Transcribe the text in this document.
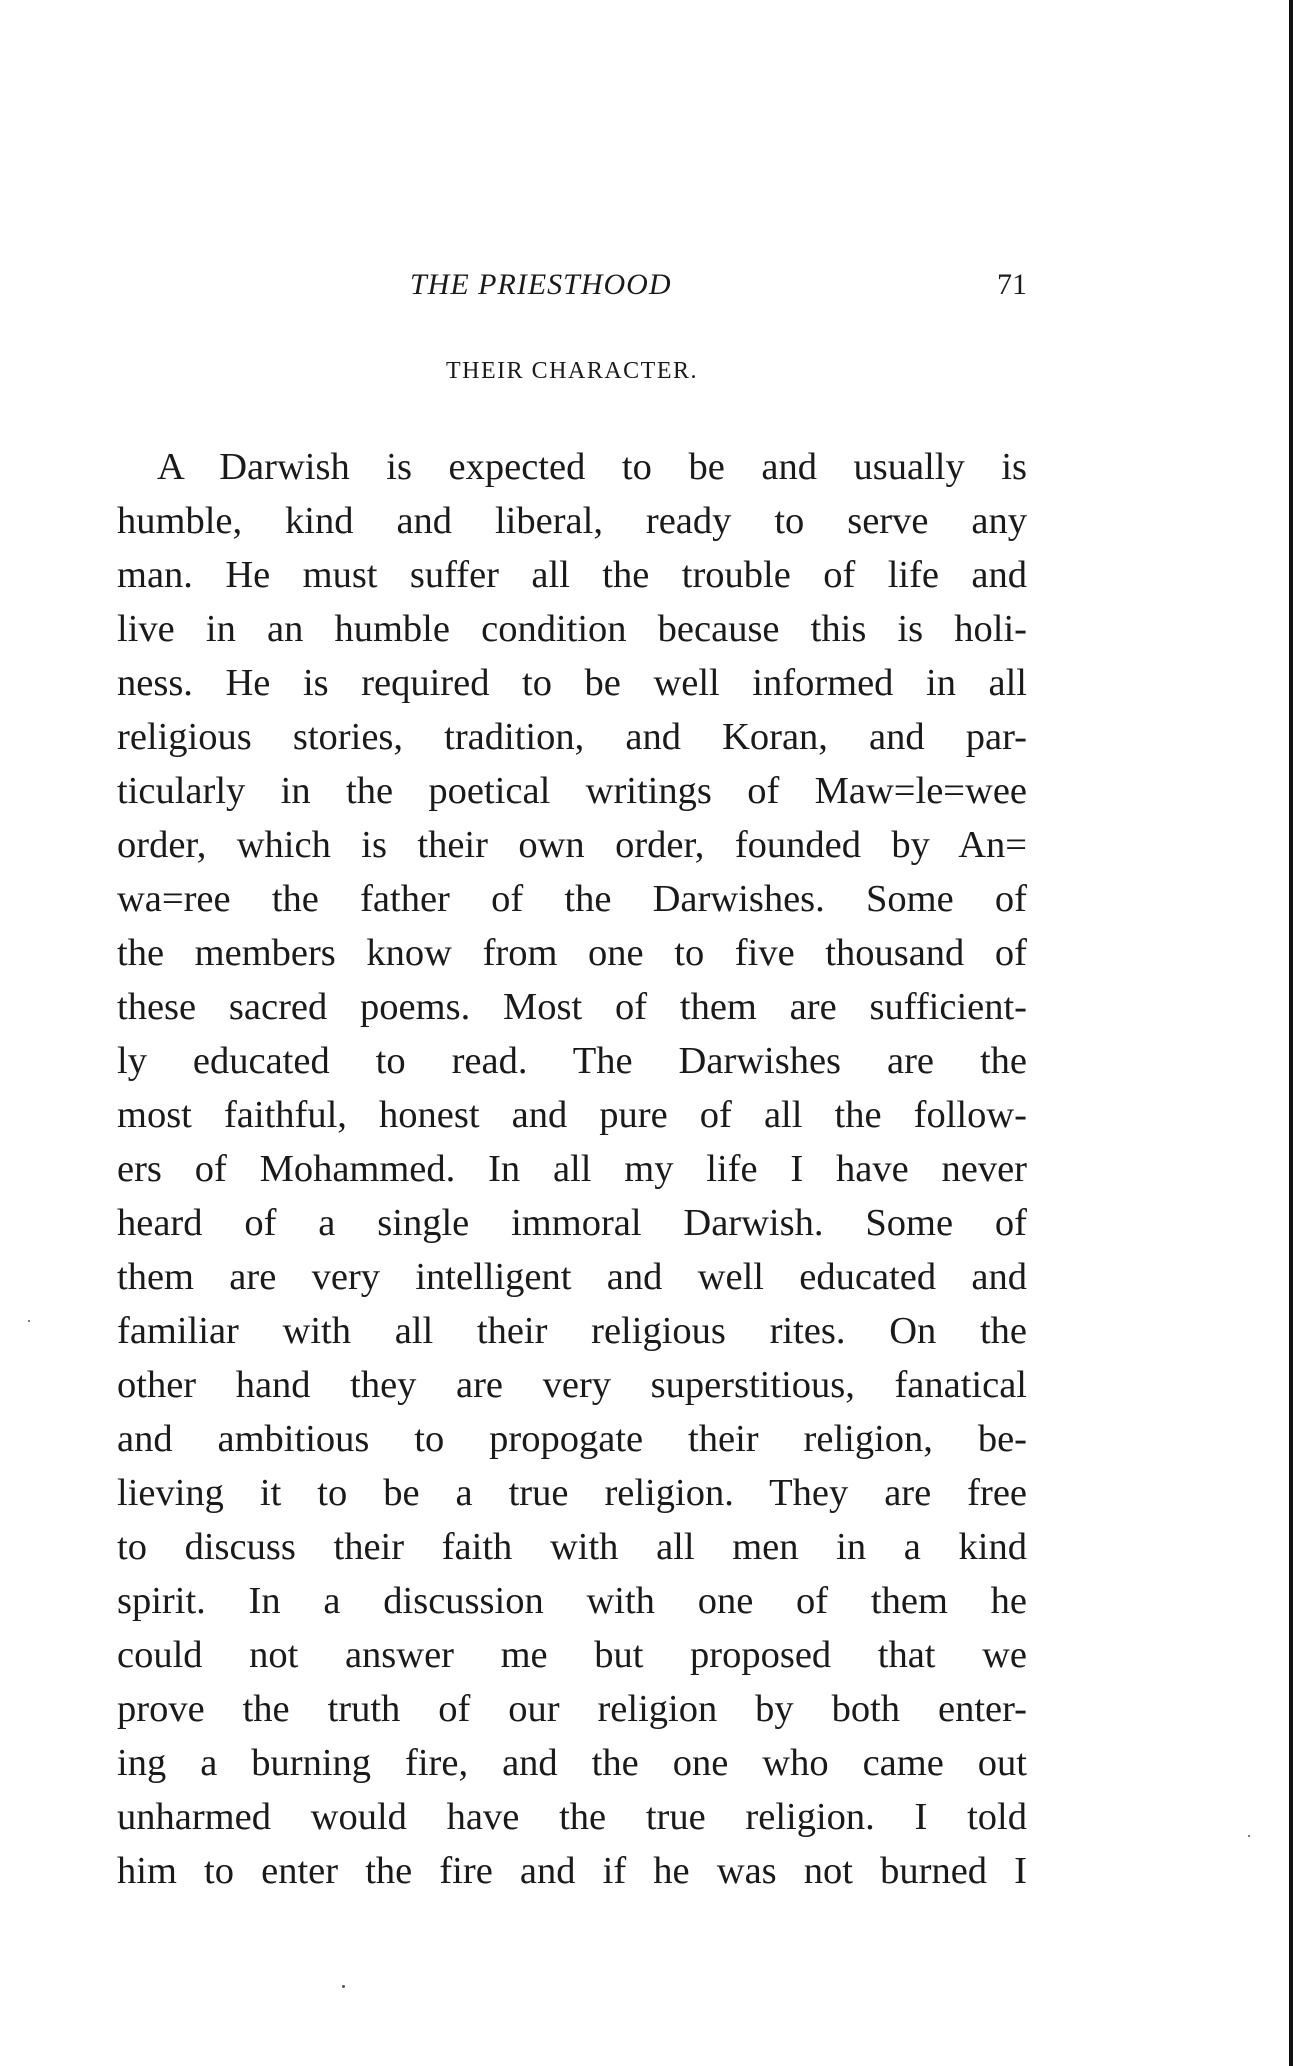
THE PRIESTHOOD	71
THEIR CHARACTER.
A Darwish is expected to be and usually is
humble, kind and liberal, ready to serve any
man. He must suffer all the trouble of life and
live in an humble condition because this is holi-
ness. He is required to be well informed in all
religious stories, tradition, and Koran, and par-
ticularly in the poetical writings of Maw=le=wee
order, which is their own order, founded by An=
wa=ree the father of the Darwishes. Some of
the members know from one to five thousand of
these sacred poems. Most of them are sufficient-
ly educated to read. The Darwishes are the
most faithful, honest and pure of all the follow-
ers of Mohammed. In all my life I have never
heard of a single immoral Darwish. Some of
them are very intelligent and well educated and
familiar with all their religious rites. On the
other hand they are very superstitious, fanatical
and ambitious to propogate their religion, be-
lieving it to be a true religion. They are free
to discuss their faith with all men in a kind
spirit. In a discussion with one of them he
could not answer me but proposed that we
prove the truth of our religion by both enter-
ing a burning fire, and the one who came out
unharmed would have the true religion. I told
him to enter the fire and if he was not burned I
